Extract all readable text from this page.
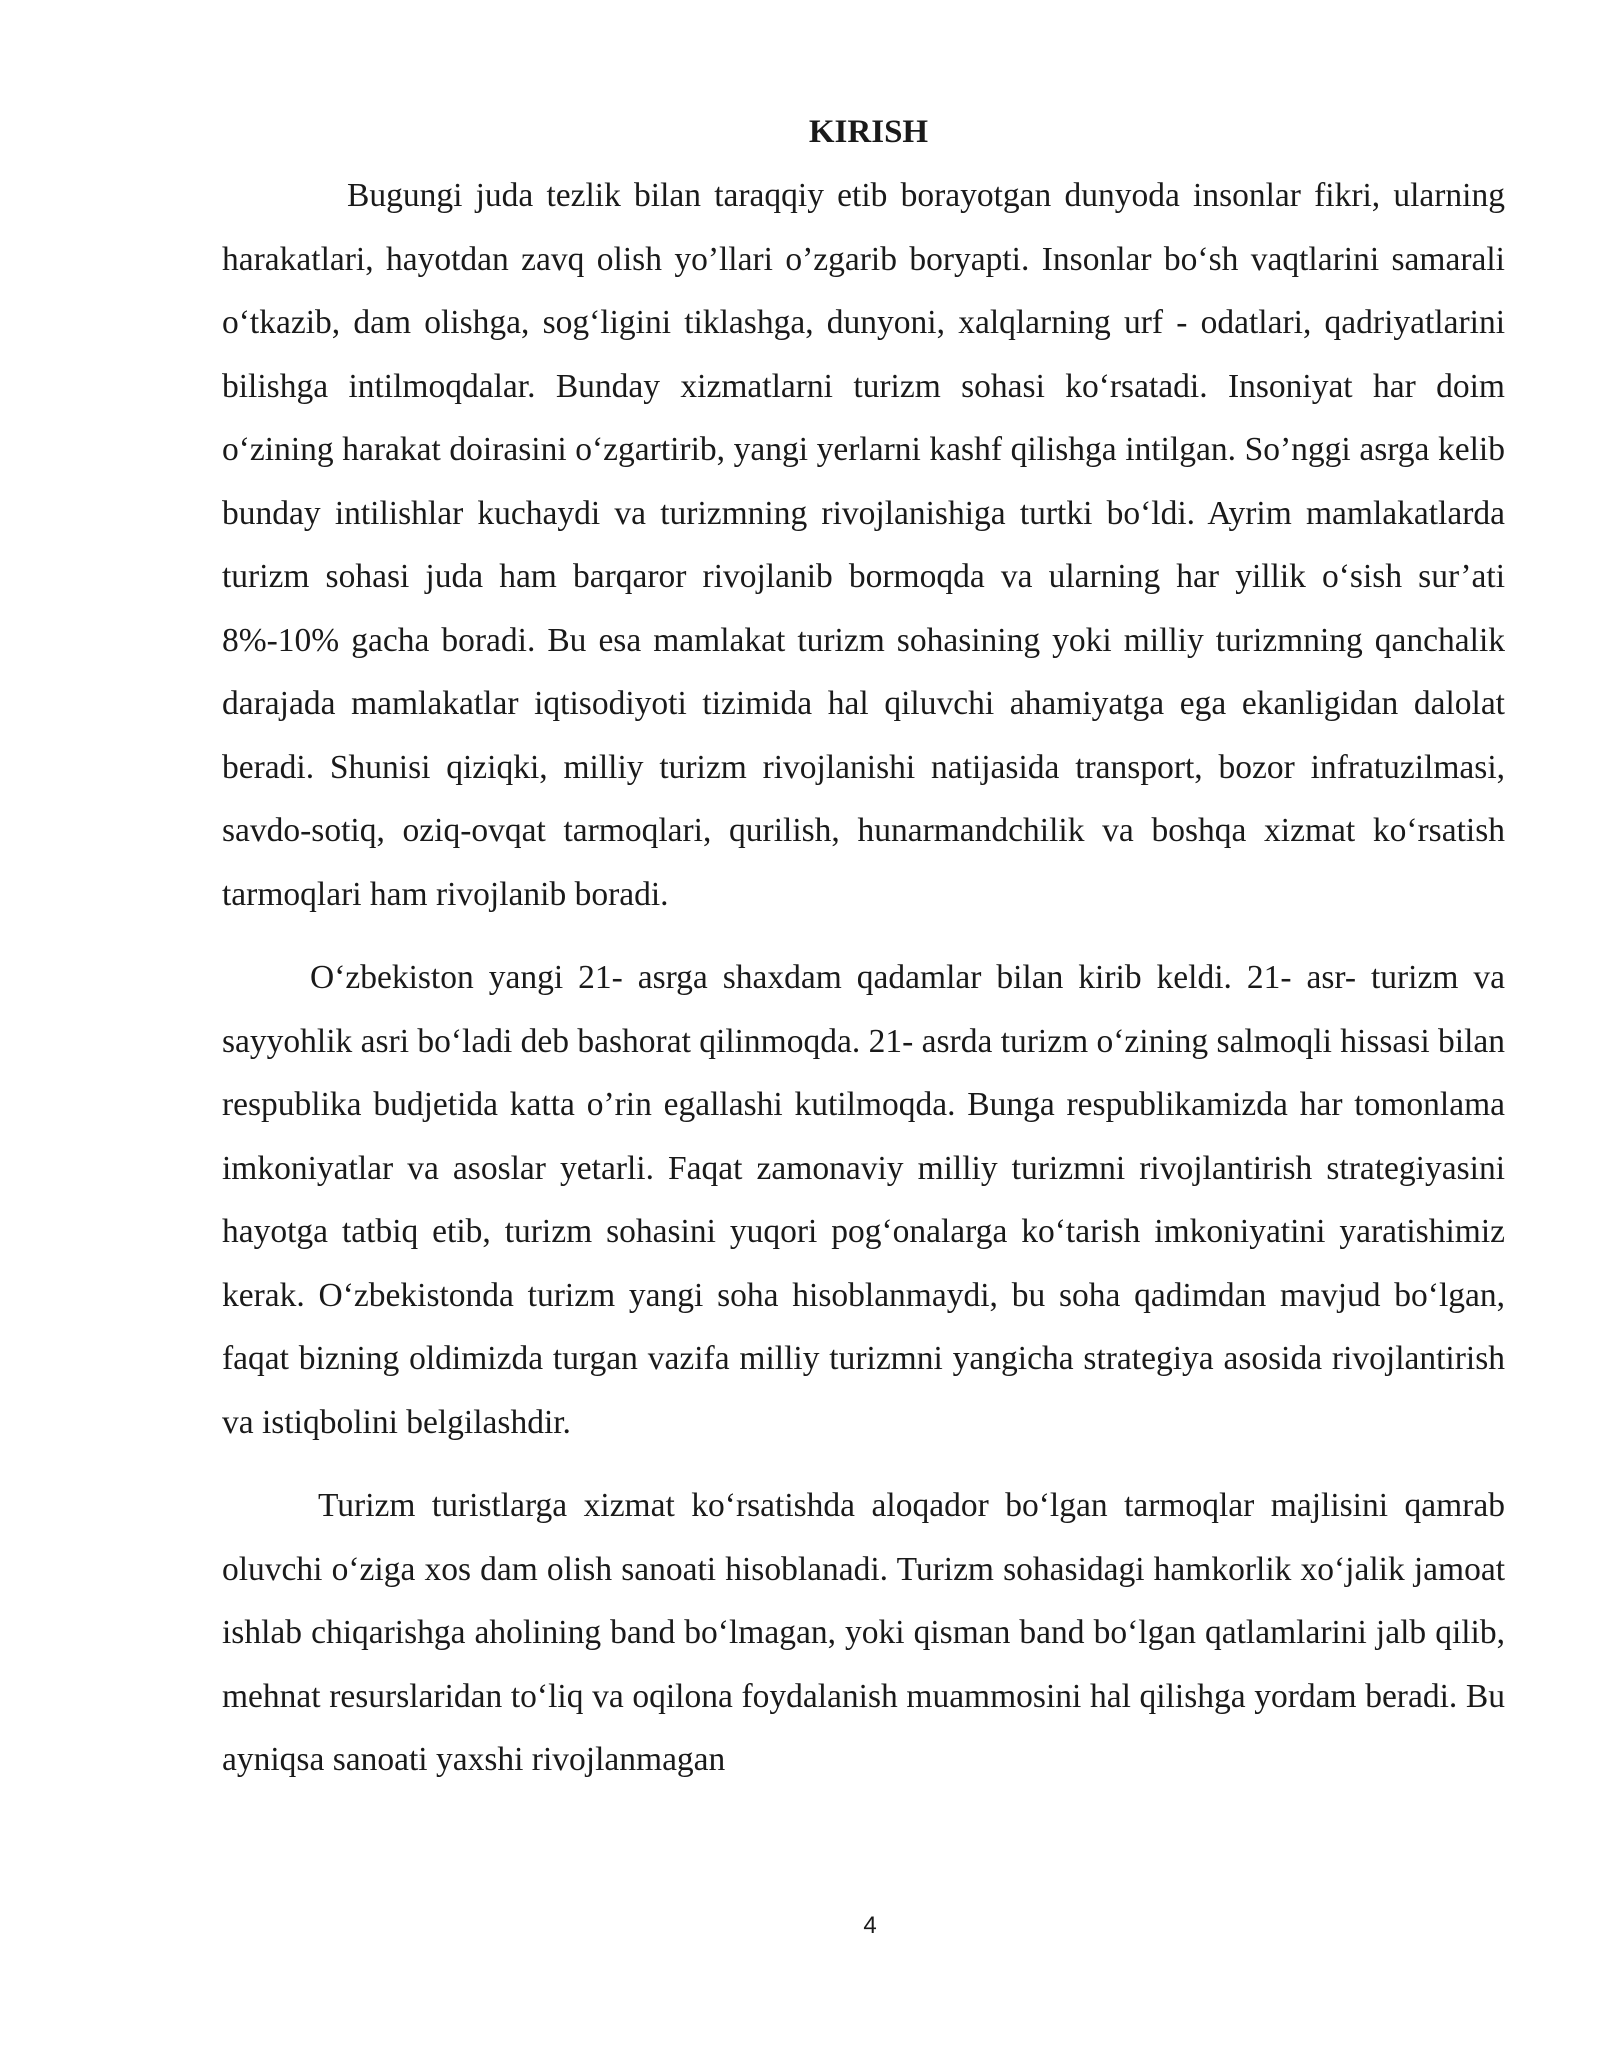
KIRISH

Bugungi juda tezlik bilan taraqqiy etib borayotgan dunyoda insonlar fikri, ularning harakatlari, hayotdan zavq olish yo’llari o’zgarib boryapti. Insonlar bo‘sh vaqtlarini samarali o‘tkazib, dam olishga, sog‘ligini tiklashga, dunyoni, xalqlarning urf - odatlari, qadriyatlarini bilishga intilmoqdalar. Bunday xizmatlarni turizm sohasi ko‘rsatadi. Insoniyat har doim o‘zining harakat doirasini o‘zgartirib, yangi yerlarni kashf qilishga intilgan. So’nggi asrga kelib bunday intilishlar kuchaydi va turizmning rivojlanishiga turtki bo‘ldi. Ayrim mamlakatlarda turizm sohasi juda ham barqaror rivojlanib bormoqda va ularning har yillik o‘sish sur’ati 8%-10% gacha boradi. Bu esa mamlakat turizm sohasining yoki milliy turizmning qanchalik darajada mamlakatlar iqtisodiyoti tizimida hal qiluvchi ahamiyatga ega ekanligidan dalolat beradi. Shunisi qiziqki, milliy turizm rivojlanishi natijasida transport, bozor infratuzilmasi, savdo-sotiq, oziq-ovqat tarmoqlari, qurilish, hunarmandchilik va boshqa xizmat ko‘rsatish tarmoqlari ham rivojlanib boradi.

O‘zbekiston yangi 21- asrga shaxdam qadamlar bilan kirib keldi. 21- asr- turizm va sayyohlik asri bo‘ladi deb bashorat qilinmoqda. 21- asrda turizm o‘zining salmoqli hissasi bilan respublika budjetida katta o’rin egallashi kutilmoqda. Bunga respublikamizda har tomonlama imkoniyatlar va asoslar yetarli. Faqat zamonaviy milliy turizmni rivojlantirish strategiyasini hayotga tatbiq etib, turizm sohasini yuqori pog‘onalarga ko‘tarish imkoniyatini yaratishimiz kerak. O‘zbekistonda turizm yangi soha hisoblanmaydi, bu soha qadimdan mavjud bo‘lgan, faqat bizning oldimizda turgan vazifa milliy turizmni yangicha strategiya asosida rivojlantirish va istiqbolini belgilashdir.

Turizm turistlarga xizmat ko‘rsatishda aloqador bo‘lgan tarmoqlar majlisini qamrab oluvchi o‘ziga xos dam olish sanoati hisoblanadi. Turizm sohasidagi hamkorlik xo‘jalik jamoat ishlab chiqarishga aholining band bo‘lmagan, yoki qisman band bo‘lgan qatlamlarini jalb qilib, mehnat resurslaridan to‘liq va oqilona foydalanish muammosini hal qilishga yordam beradi. Bu ayniqsa sanoati yaxshi rivojlanmagan

4
